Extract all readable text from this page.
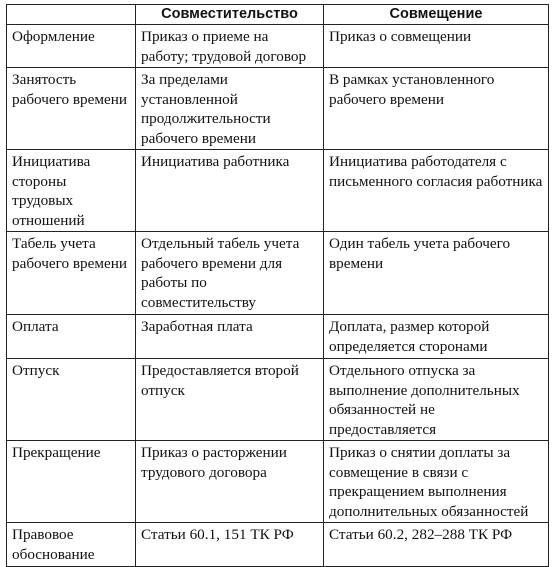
	Совместительство	Совмещение
Оформление	Приказ о приеме на работу; трудовой договор	Приказ о совмещении
Занятость рабочего времени	За пределами установленной продолжительности рабочего времени	В рамках установленного рабочего времени
Инициатива стороны трудовых отношений	Инициатива работника	Инициатива работодателя с письменного согласия работника
Табель учета рабочего времени	Отдельный табель учета рабочего времени для работы по совместительству	Один табель учета рабочего времени
Оплата	Заработная плата	Доплата, размер которой определяется сторонами
Отпуск	Предоставляется второй отпуск	Отдельного отпуска за выполнение дополнительных обязанностей не предоставляется
Прекращение	Приказ о расторжении трудового договора	Приказ о снятии доплаты за совмещение в связи с прекращением выполнения дополнительных обязанностей
Правовое обоснование	Статьи 60.1, 151 ТК РФ	Статьи 60.2, 282–288 ТК РФ
